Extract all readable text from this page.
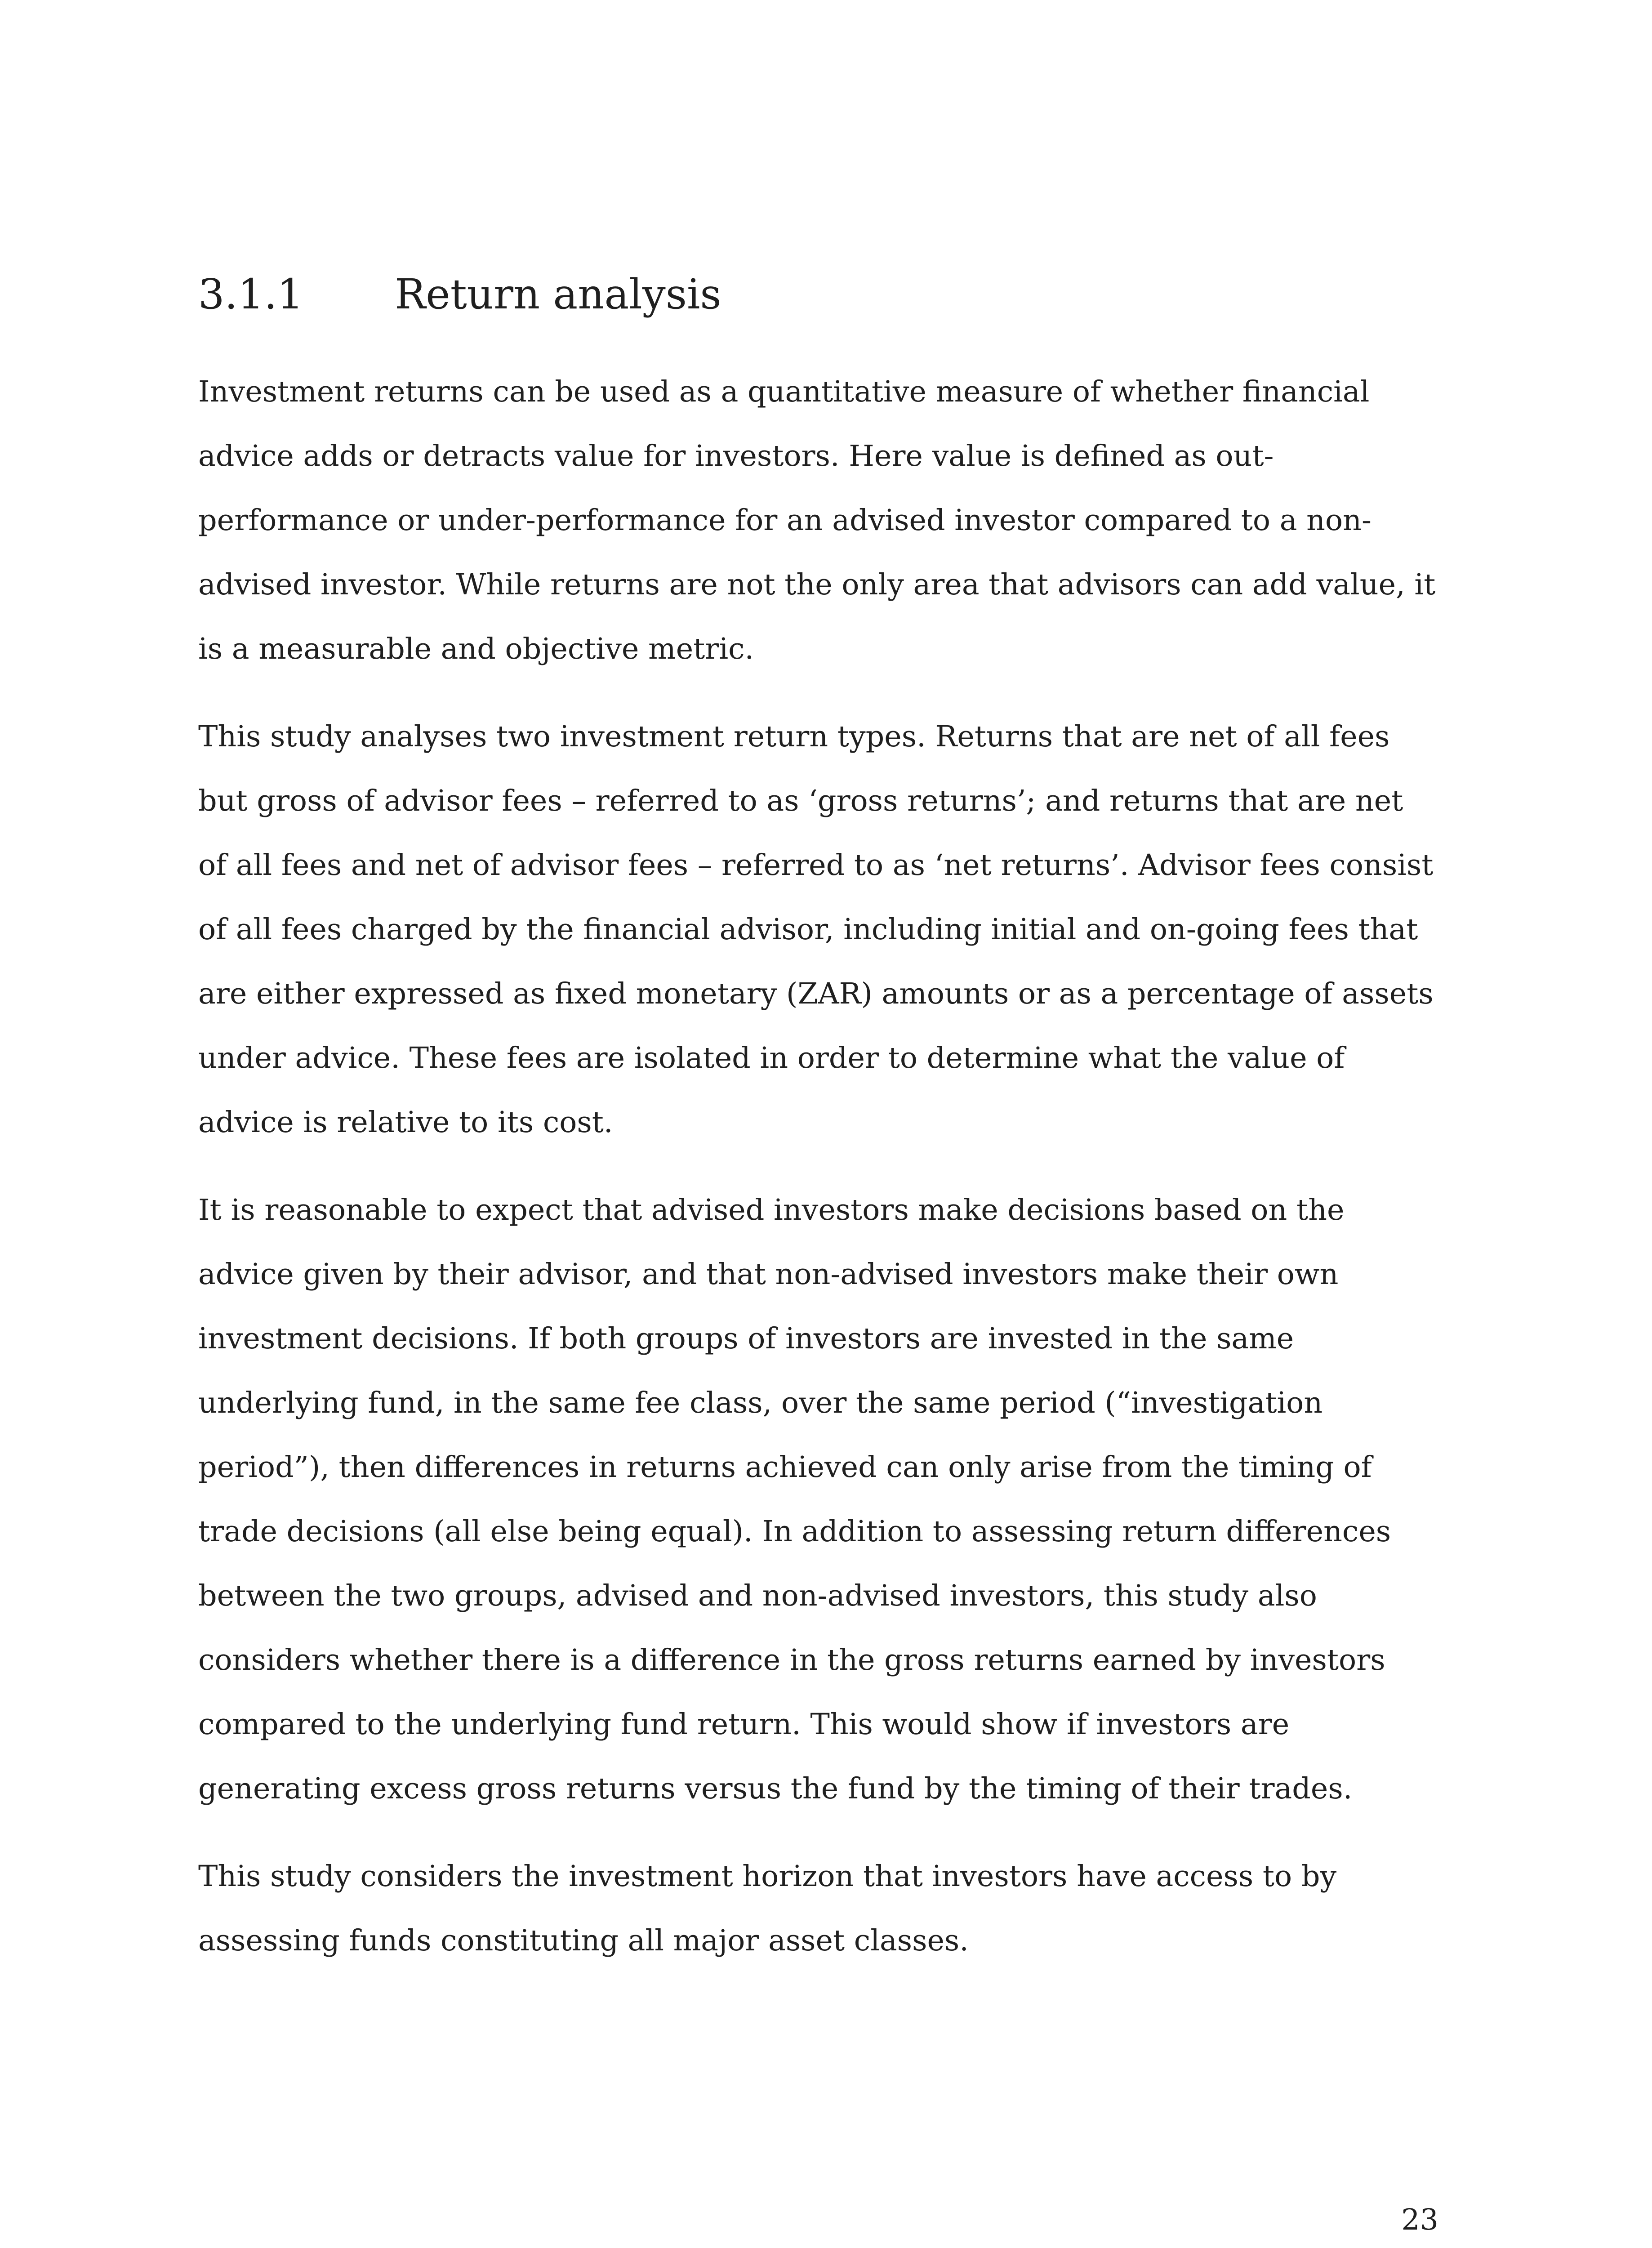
3.1.1	Return analysis

Investment returns can be used as a quantitative measure of whether financial advice adds or detracts value for investors. Here value is defined as out-performance or under-performance for an advised investor compared to a non-advised investor. While returns are not the only area that advisors can add value, it is a measurable and objective metric.

This study analyses two investment return types. Returns that are net of all fees but gross of advisor fees – referred to as ‘gross returns’; and returns that are net of all fees and net of advisor fees – referred to as ‘net returns’. Advisor fees consist of all fees charged by the financial advisor, including initial and on-going fees that are either expressed as fixed monetary (ZAR) amounts or as a percentage of assets under advice. These fees are isolated in order to determine what the value of advice is relative to its cost.

It is reasonable to expect that advised investors make decisions based on the advice given by their advisor, and that non-advised investors make their own investment decisions. If both groups of investors are invested in the same underlying fund, in the same fee class, over the same period (“investigation period”), then differences in returns achieved can only arise from the timing of trade decisions (all else being equal). In addition to assessing return differences between the two groups, advised and non-advised investors, this study also considers whether there is a difference in the gross returns earned by investors compared to the underlying fund return. This would show if investors are generating excess gross returns versus the fund by the timing of their trades.

This study considers the investment horizon that investors have access to by assessing funds constituting all major asset classes.

23
